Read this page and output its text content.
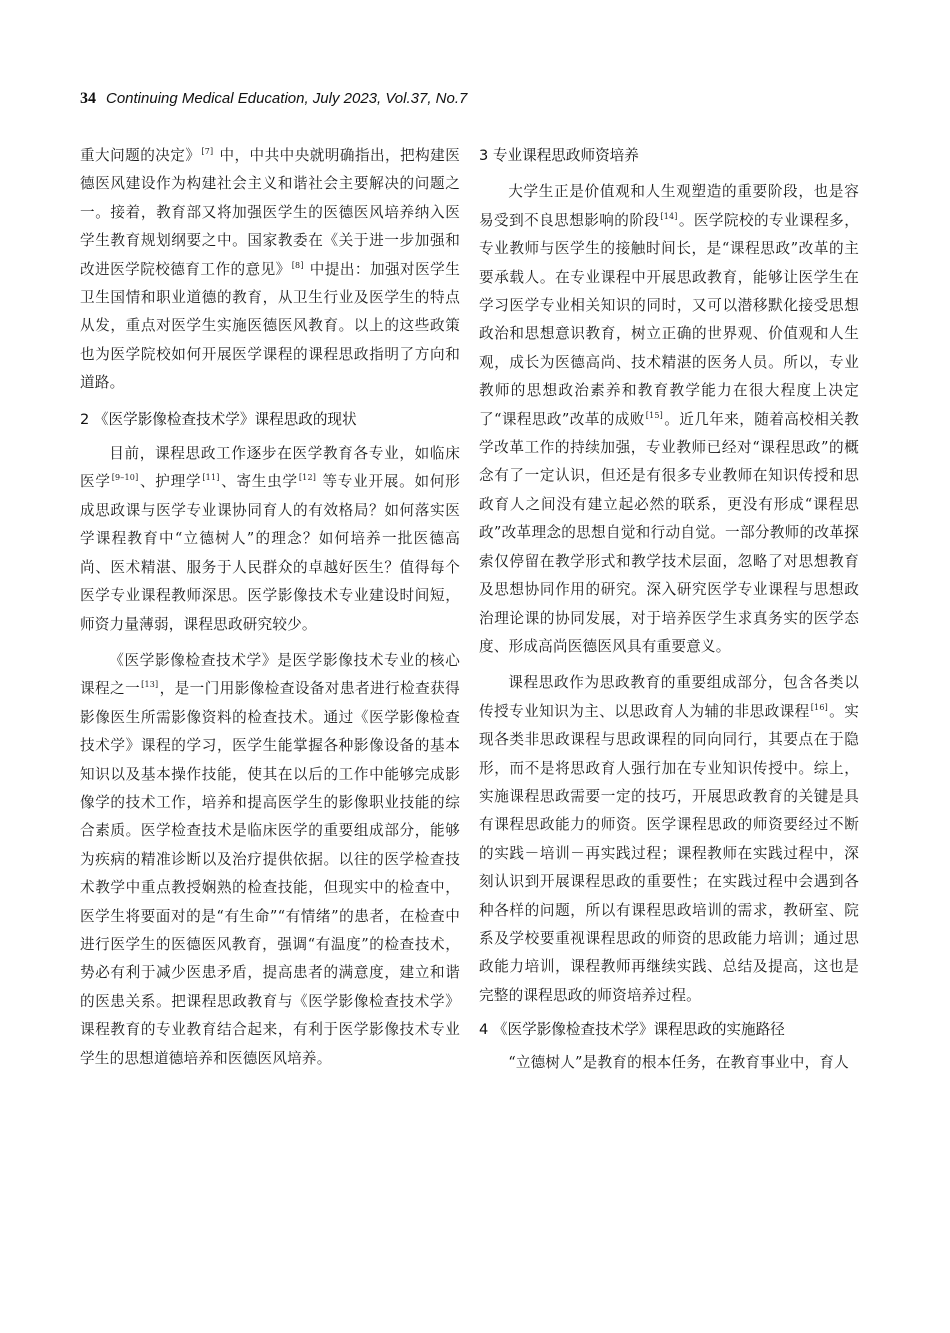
34 Continuing Medical Education, July 2023, Vol.37, No.7

重大问题的决定》[7] 中，中共中央就明确指出，把构建医德医风建设作为构建社会主义和谐社会主要解决的问题之一。接着，教育部又将加强医学生的医德医风培养纳入医学生教育规划纲要之中。国家教委在《关于进一步加强和改进医学院校德育工作的意见》[8] 中提出：加强对医学生卫生国情和职业道德的教育，从卫生行业及医学生的特点从发，重点对医学生实施医德医风教育。以上的这些政策也为医学院校如何开展医学课程的课程思政指明了方向和道路。

2 《医学影像检查技术学》课程思政的现状

目前，课程思政工作逐步在医学教育各专业，如临床医学[9–10]、护理学[11]、寄生虫学[12] 等专业开展。如何形成思政课与医学专业课协同育人的有效格局？如何落实医学课程教育中“立德树人”的理念？如何培养一批医德高尚、医术精湛、服务于人民群众的卓越好医生？值得每个医学专业课程教师深思。医学影像技术专业建设时间短，师资力量薄弱，课程思政研究较少。

《医学影像检查技术学》是医学影像技术专业的核心课程之一[13]，是一门用影像检查设备对患者进行检查获得影像医生所需影像资料的检查技术。通过《医学影像检查技术学》课程的学习，医学生能掌握各种影像设备的基本知识以及基本操作技能，使其在以后的工作中能够完成影像学的技术工作，培养和提高医学生的影像职业技能的综合素质。医学检查技术是临床医学的重要组成部分，能够为疾病的精准诊断以及治疗提供依据。以往的医学检查技术教学中重点教授娴熟的检查技能，但现实中的检查中，医学生将要面对的是“有生命”“有情绪”的患者，在检查中进行医学生的医德医风教育，强调“有温度”的检查技术，势必有利于减少医患矛盾，提高患者的满意度，建立和谐的医患关系。把课程思政教育与《医学影像检查技术学》课程教育的专业教育结合起来，有利于医学影像技术专业学生的思想道德培养和医德医风培养。

3 专业课程思政师资培养

大学生正是价值观和人生观塑造的重要阶段，也是容易受到不良思想影响的阶段[14]。医学院校的专业课程多，专业教师与医学生的接触时间长，是“课程思政”改革的主要承载人。在专业课程中开展思政教育，能够让医学生在学习医学专业相关知识的同时，又可以潜移默化接受思想政治和思想意识教育，树立正确的世界观、价值观和人生观，成长为医德高尚、技术精湛的医务人员。所以，专业教师的思想政治素养和教育教学能力在很大程度上决定了“课程思政”改革的成败[15]。近几年来，随着高校相关教学改革工作的持续加强，专业教师已经对“课程思政”的概念有了一定认识，但还是有很多专业教师在知识传授和思政育人之间没有建立起必然的联系，更没有形成“课程思政”改革理念的思想自觉和行动自觉。一部分教师的改革探索仅停留在教学形式和教学技术层面，忽略了对思想教育及思想协同作用的研究。深入研究医学专业课程与思想政治理论课的协同发展，对于培养医学生求真务实的医学态度、形成高尚医德医风具有重要意义。

课程思政作为思政教育的重要组成部分，包含各类以传授专业知识为主、以思政育人为辅的非思政课程[16]。实现各类非思政课程与思政课程的同向同行，其要点在于隐形，而不是将思政育人强行加在专业知识传授中。综上，实施课程思政需要一定的技巧，开展思政教育的关键是具有课程思政能力的师资。医学课程思政的师资要经过不断的实践－培训－再实践过程；课程教师在实践过程中，深刻认识到开展课程思政的重要性；在实践过程中会遇到各种各样的问题，所以有课程思政培训的需求，教研室、院系及学校要重视课程思政的师资的思政能力培训；通过思政能力培训，课程教师再继续实践、总结及提高，这也是完整的课程思政的师资培养过程。

4 《医学影像检查技术学》课程思政的实施路径

“立德树人”是教育的根本任务，在教育事业中，育人
